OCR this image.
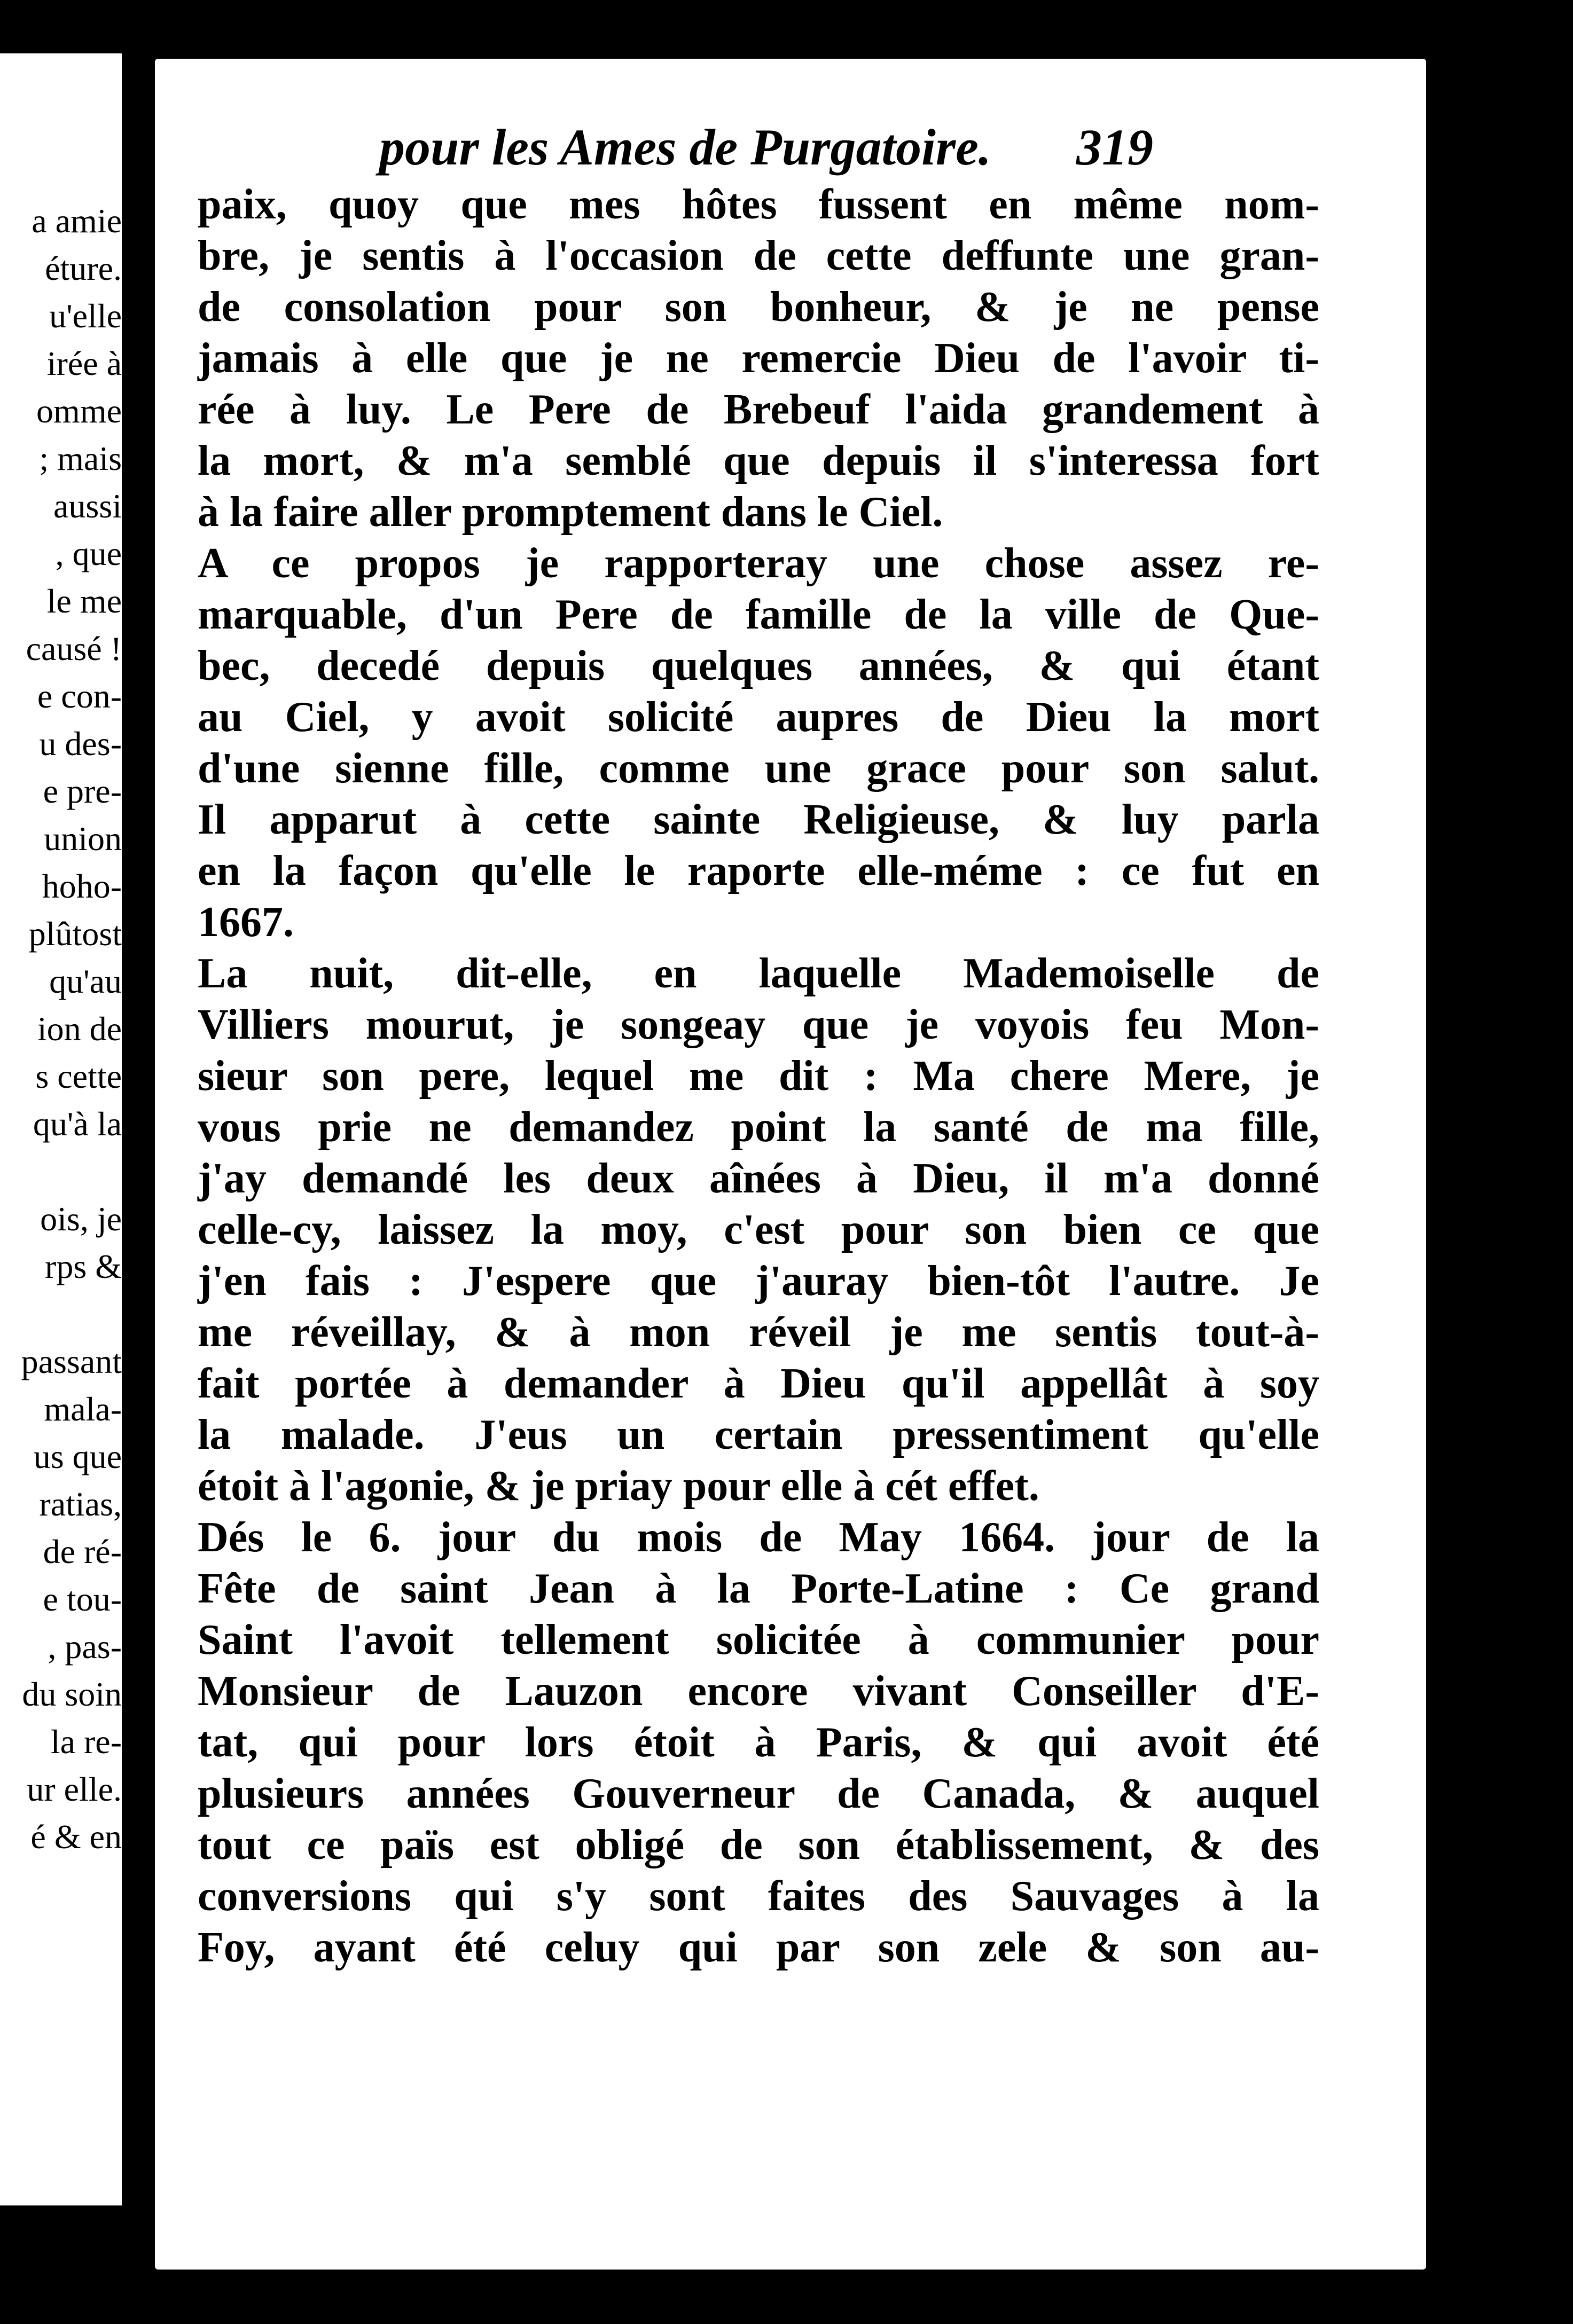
a amie
éture.
u'elle
irée à
omme
; mais
aussi
, que
le me
causé !
e con-
u des-
e pre-
union
hoho-
plûtost
qu'au
ion de
s cette
qu'à la
ois, je
rps &
passant
mala-
us que
ratias,
de ré-
e tou-
, pas-
du soin
la re-
ur elle.
é & en
pour les Ames de Purgatoire. 319
paix, quoy que mes hôtes fussent en même nom-
bre, je sentis à l'occasion de cette deffunte une gran-
de consolation pour son bonheur, & je ne pense
jamais à elle que je ne remercie Dieu de l'avoir ti-
rée à luy. Le Pere de Brebeuf l'aida grandement à
la mort, & m'a semblé que depuis il s'interessa fort
à la faire aller promptement dans le Ciel.
A ce propos je rapporteray une chose assez re-
marquable, d'un Pere de famille de la ville de Que-
bec, decedé depuis quelques années, & qui étant
au Ciel, y avoit solicité aupres de Dieu la mort
d'une sienne fille, comme une grace pour son salut.
Il apparut à cette sainte Religieuse, & luy parla
en la façon qu'elle le raporte elle-méme : ce fut en
1667.
La nuit, dit-elle, en laquelle Mademoiselle de
Villiers mourut, je songeay que je voyois feu Mon-
sieur son pere, lequel me dit : Ma chere Mere, je
vous prie ne demandez point la santé de ma fille,
j'ay demandé les deux aînées à Dieu, il m'a donné
celle-cy, laissez la moy, c'est pour son bien ce que
j'en fais : J'espere que j'auray bien-tôt l'autre. Je
me réveillay, & à mon réveil je me sentis tout-à-
fait portée à demander à Dieu qu'il appellât à soy
la malade. J'eus un certain pressentiment qu'elle
étoit à l'agonie, & je priay pour elle à cét effet.
Dés le 6. jour du mois de May 1664. jour de la
Fête de saint Jean à la Porte-Latine : Ce grand
Saint l'avoit tellement solicitée à communier pour
Monsieur de Lauzon encore vivant Conseiller d'E-
tat, qui pour lors étoit à Paris, & qui avoit été
plusieurs années Gouverneur de Canada, & auquel
tout ce païs est obligé de son établissement, & des
conversions qui s'y sont faites des Sauvages à la
Foy, ayant été celuy qui par son zele & son au-
